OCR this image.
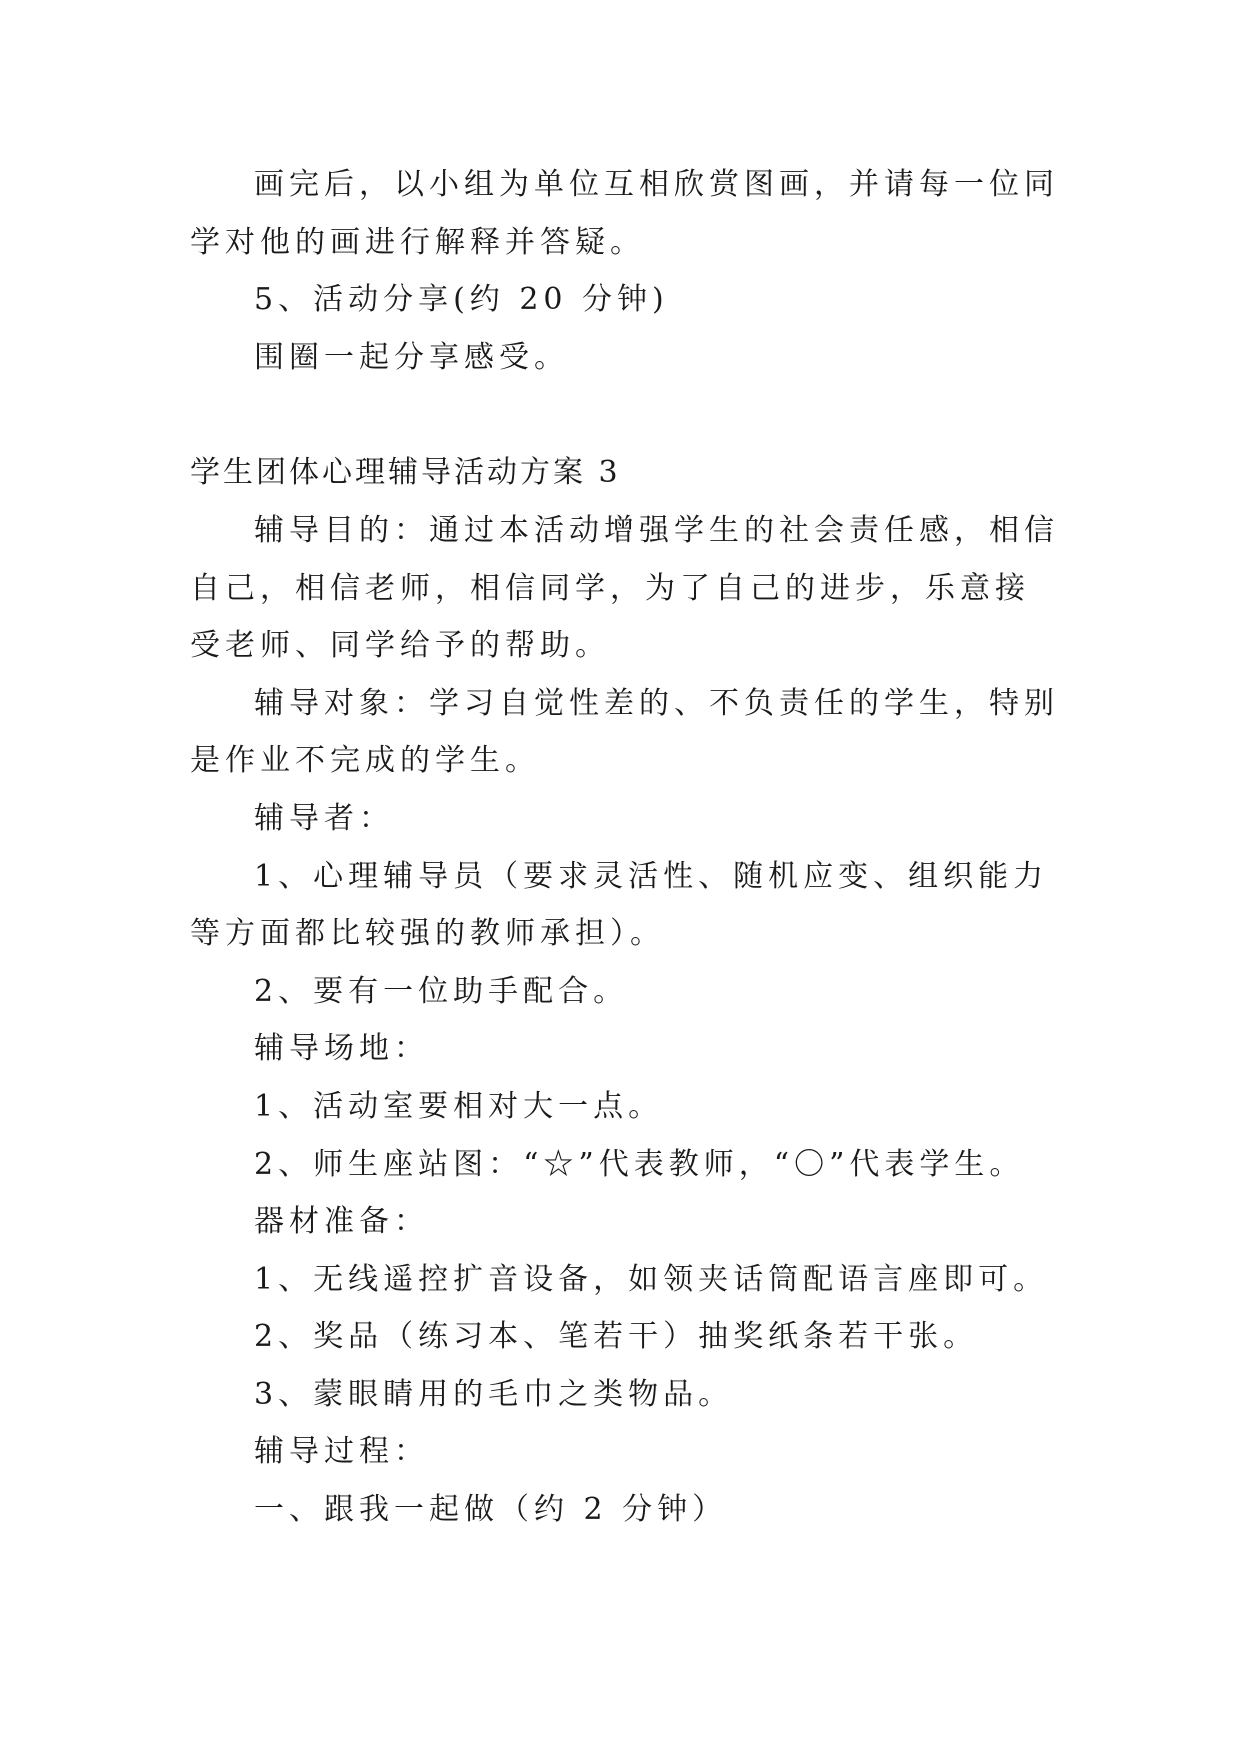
画完后，以小组为单位互相欣赏图画，并请每一位同学对他的画进行解释并答疑。

5、活动分享(约 20 分钟)

围圈一起分享感受。

学生团体心理辅导活动方案 3

辅导目的：通过本活动增强学生的社会责任感，相信自己，相信老师，相信同学，为了自己的进步，乐意接受老师、同学给予的帮助。

辅导对象：学习自觉性差的、不负责任的学生，特别是作业不完成的学生。

辅导者：

1、心理辅导员（要求灵活性、随机应变、组织能力等方面都比较强的教师承担）。

2、要有一位助手配合。

辅导场地：

1、活动室要相对大一点。

2、师生座站图：“☆”代表教师，“〇”代表学生。

器材准备：

1、无线遥控扩音设备，如领夹话筒配语言座即可。

2、奖品（练习本、笔若干）抽奖纸条若干张。

3、蒙眼睛用的毛巾之类物品。

辅导过程：

一、跟我一起做（约 2 分钟）
